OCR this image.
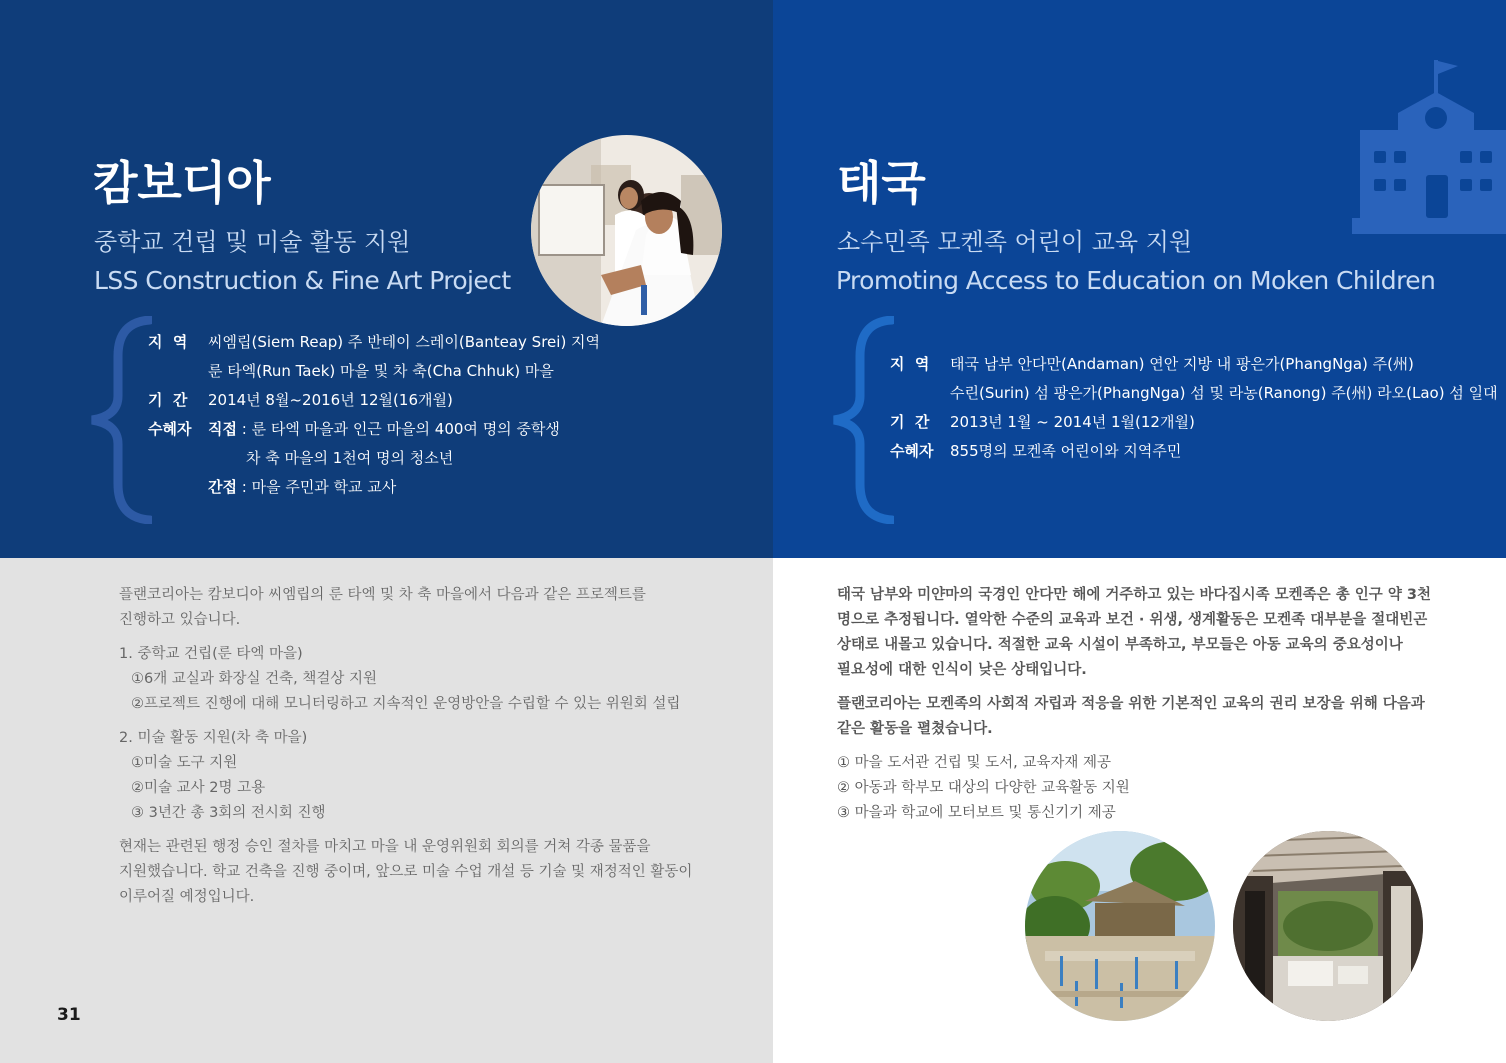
캄보디아
중학교 건립 및 미술 활동 지원
LSS Construction & Fine Art Project
지  역 씨엠립(Siem Reap) 주 반테이 스레이(Banteay Srei) 지역
룬 타엑(Run Taek) 마을 및 차 축(Cha Chhuk) 마을
기  간 2014년 8월~2016년 12월(16개월)
수혜자 직접 : 룬 타엑 마을과 인근 마을의 400여 명의 중학생
차 축 마을의 1천여 명의 청소년
간접 : 마을 주민과 학교 교사
태국
소수민족 모켄족 어린이 교육 지원
Promoting Access to Education on Moken Children
지  역 태국 남부 안다만(Andaman) 연안 지방 내 팡은가(PhangNga) 주(州)
수린(Surin) 섬 팡은가(PhangNga) 섬 및 라농(Ranong) 주(州) 라오(Lao) 섬 일대
기  간 2013년 1월 ~ 2014년 1월(12개월)
수혜자 855명의 모켄족 어린이와 지역주민
플랜코리아는 캄보디아 씨엠립의 룬 타엑 및 차 축 마을에서 다음과 같은 프로젝트를
진행하고 있습니다.
1. 중학교 건립(룬 타엑 마을)
①6개 교실과 화장실 건축, 책걸상 지원
②프로젝트 진행에 대해 모니터링하고 지속적인 운영방안을 수립할 수 있는 위원회 설립
2. 미술 활동 지원(차 축 마을)
①미술 도구 지원
②미술 교사 2명 고용
③ 3년간 총 3회의 전시회 진행
현재는 관련된 행정 승인 절차를 마치고 마을 내 운영위원회 회의를 거쳐 각종 물품을
지원했습니다. 학교 건축을 진행 중이며, 앞으로 미술 수업 개설 등 기술 및 재정적인 활동이
이루어질 예정입니다.
태국 남부와 미얀마의 국경인 안다만 해에 거주하고 있는 바다집시족 모켄족은 총 인구 약 3천
명으로 추정됩니다. 열악한 수준의 교육과 보건 · 위생, 생계활동은 모켄족 대부분을 절대빈곤
상태로 내몰고 있습니다. 적절한 교육 시설이 부족하고, 부모들은 아동 교육의 중요성이나
필요성에 대한 인식이 낮은 상태입니다.
플랜코리아는 모켄족의 사회적 자립과 적응을 위한 기본적인 교육의 권리 보장을 위해 다음과
같은 활동을 펼쳤습니다.
① 마을 도서관 건립 및 도서, 교육자재 제공
② 아동과 학부모 대상의 다양한 교육활동 지원
③ 마을과 학교에 모터보트 및 통신기기 제공
31
